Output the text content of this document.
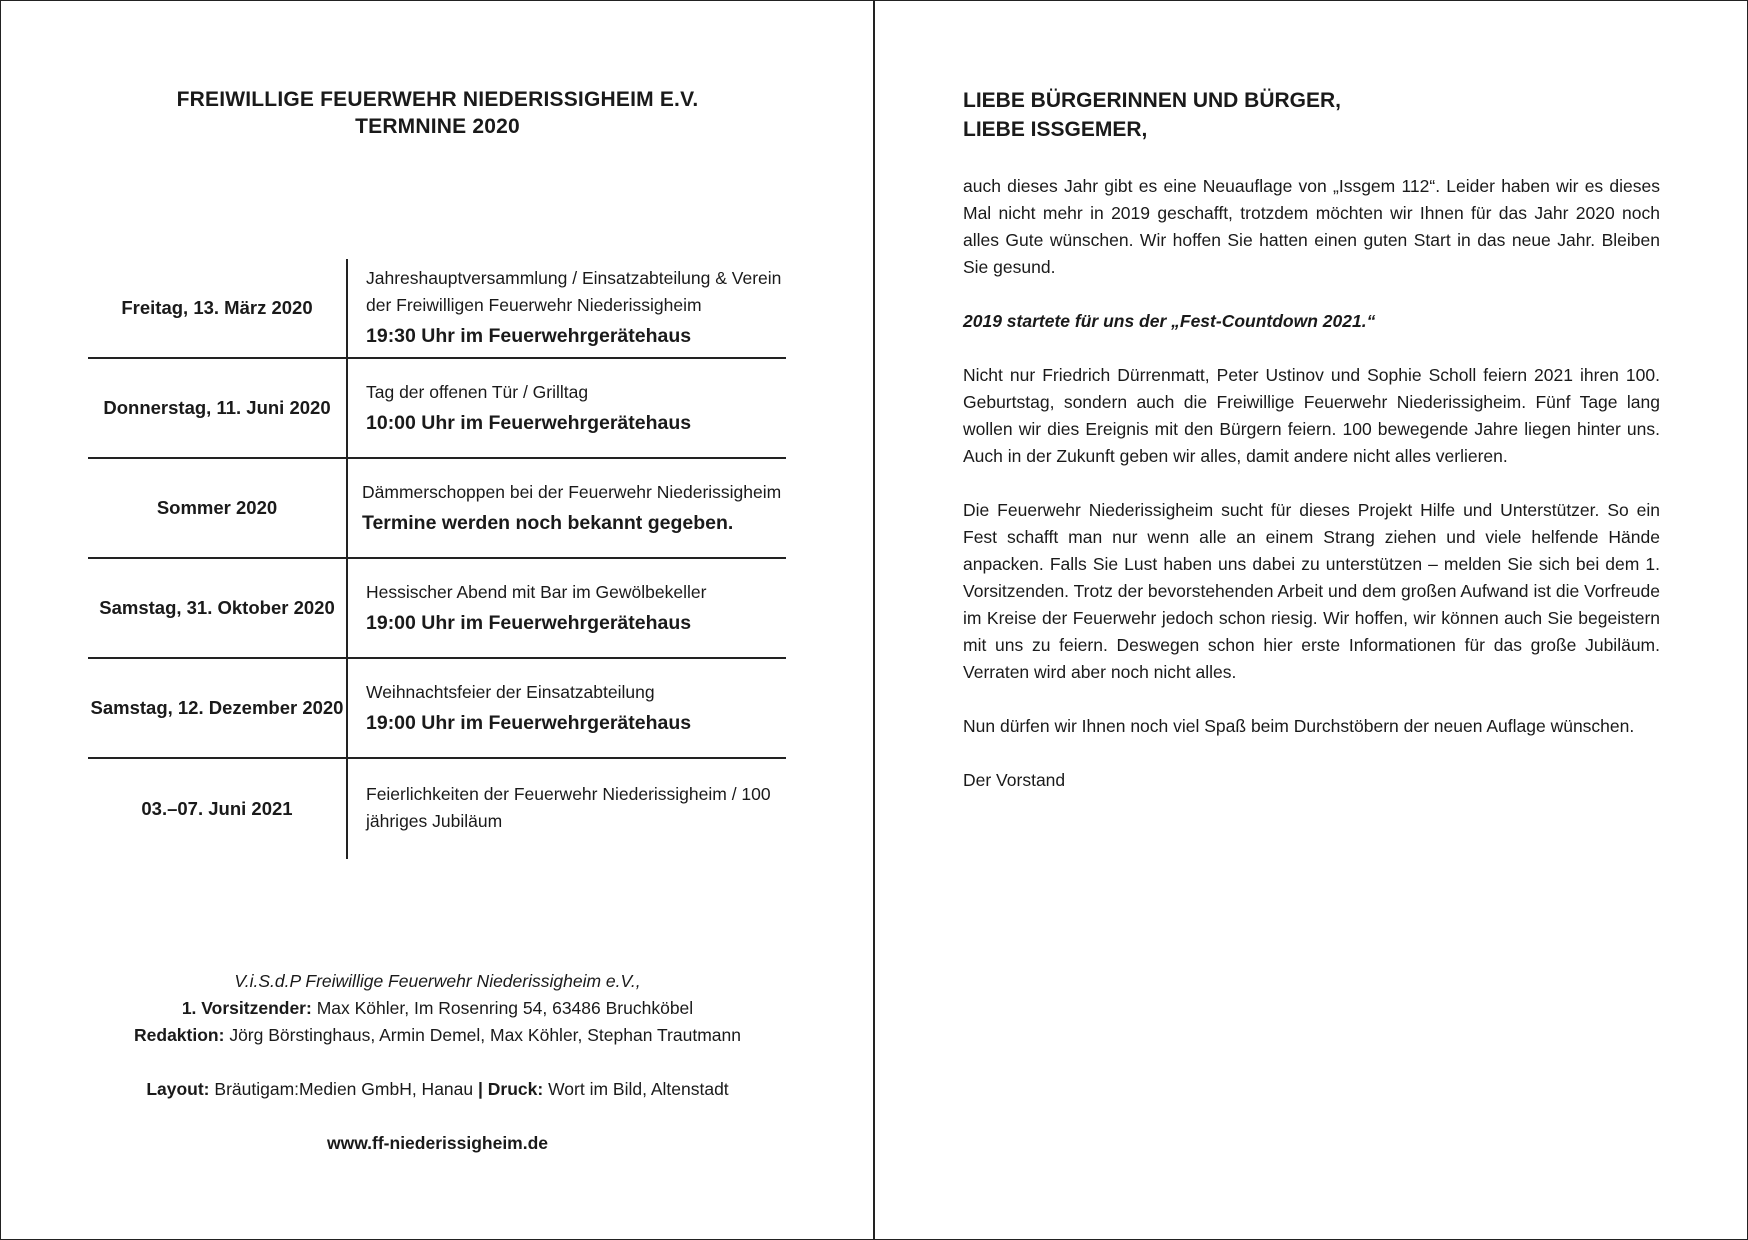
FREIWILLIGE FEUERWEHR NIEDERISSIGHEIM E.V.
TERMNINE 2020
Freitag, 13. März 2020
Jahreshauptversammlung / Einsatzabteilung & Verein der Freiwilligen Feuerwehr Niederissigheim
19:30 Uhr im Feuerwehrgerätehaus
Donnerstag, 11. Juni 2020
Tag der offenen Tür / Grilltag
10:00 Uhr im Feuerwehrgerätehaus
Sommer 2020
Dämmerschoppen bei der Feuerwehr Niederissigheim
Termine werden noch bekannt gegeben.
Samstag, 31. Oktober 2020
Hessischer Abend mit Bar im Gewölbekeller
19:00 Uhr im Feuerwehrgerätehaus
Samstag, 12. Dezember 2020
Weihnachtsfeier der Einsatzabteilung
19:00 Uhr im Feuerwehrgerätehaus
03.–07. Juni 2021
Feierlichkeiten der Feuerwehr Niederissigheim / 100 jähriges Jubiläum
V.i.S.d.P Freiwillige Feuerwehr Niederissigheim e.V.,
1. Vorsitzender: Max Köhler, Im Rosenring 54, 63486 Bruchköbel
Redaktion: Jörg Börstinghaus, Armin Demel, Max Köhler, Stephan Trautmann
Layout: Bräutigam:Medien GmbH, Hanau | Druck: Wort im Bild, Altenstadt
www.ff-niederissigheim.de
LIEBE BÜRGERINNEN UND BÜRGER,
LIEBE ISSGEMER,

auch dieses Jahr gibt es eine Neuauflage von „Issgem 112“. Leider haben wir es dieses Mal nicht mehr in 2019 geschafft, trotzdem möchten wir Ihnen für das Jahr 2020 noch alles Gute wünschen. Wir hoffen Sie hatten einen guten Start in das neue Jahr. Bleiben Sie gesund.

2019 startete für uns der „Fest-Countdown 2021.“

Nicht nur Friedrich Dürrenmatt, Peter Ustinov und Sophie Scholl feiern 2021 ihren 100. Geburtstag, sondern auch die Freiwillige Feuerwehr Niederissigheim. Fünf Tage lang wollen wir dies Ereignis mit den Bürgern feiern. 100 bewegende Jahre liegen hinter uns. Auch in der Zukunft geben wir alles, damit andere nicht alles verlieren.

Die Feuerwehr Niederissigheim sucht für dieses Projekt Hilfe und Unterstützer. So ein Fest schafft man nur wenn alle an einem Strang ziehen und viele helfende Hände anpacken. Falls Sie Lust haben uns dabei zu unterstützen – melden Sie sich bei dem 1. Vorsitzenden. Trotz der bevorstehenden Arbeit und dem großen Aufwand ist die Vorfreude im Kreise der Feuerwehr jedoch schon riesig. Wir hoffen, wir können auch Sie begeistern mit uns zu feiern. Deswegen schon hier erste Informationen für das große Jubiläum. Verraten wird aber noch nicht alles.

Nun dürfen wir Ihnen noch viel Spaß beim Durchstöbern der neuen Auflage wünschen.

Der Vorstand
